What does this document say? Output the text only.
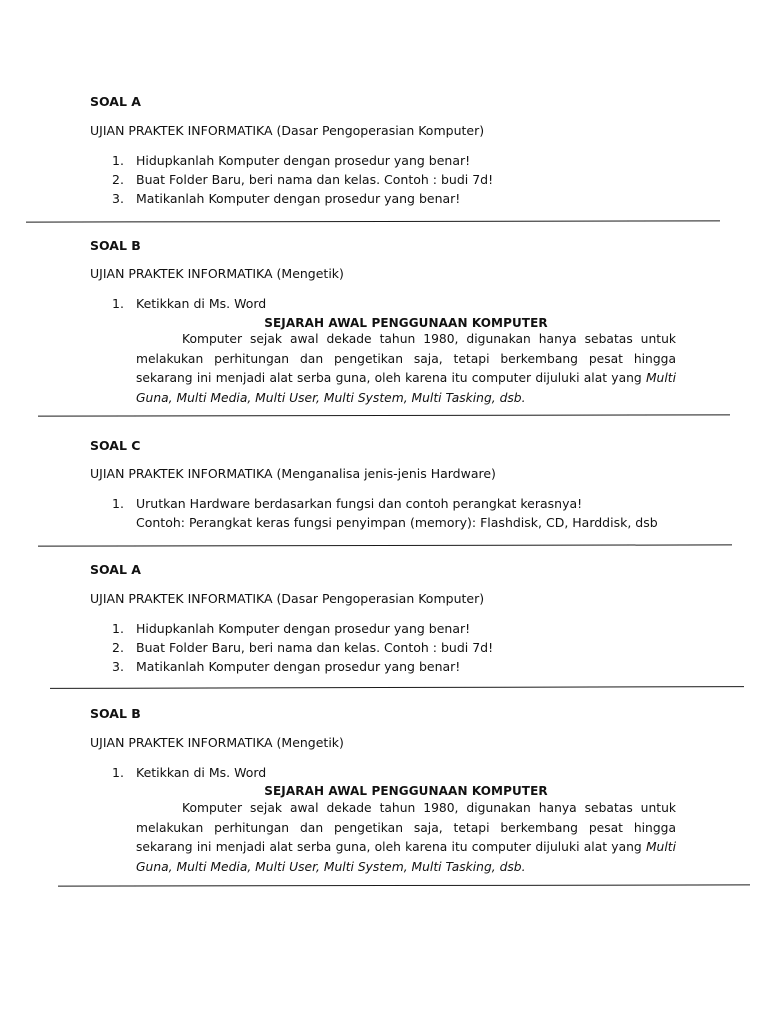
SOAL A
UJIAN PRAKTEK INFORMATIKA (Dasar Pengoperasian Komputer)
1. Hidupkanlah Komputer dengan prosedur yang benar!
2. Buat Folder Baru, beri nama dan kelas. Contoh : budi 7d!
3. Matikanlah Komputer dengan prosedur yang benar!
SOAL B
UJIAN PRAKTEK INFORMATIKA (Mengetik)
1. Ketikkan di Ms. Word
SEJARAH AWAL PENGGUNAAN KOMPUTER

Komputer sejak awal dekade tahun 1980, digunakan hanya sebatas untuk melakukan perhitungan dan pengetikan saja, tetapi berkembang pesat hingga sekarang ini menjadi alat serba guna, oleh karena itu computer dijuluki alat yang Multi Guna, Multi Media, Multi User, Multi System, Multi Tasking, dsb.

SOAL C
UJIAN PRAKTEK INFORMATIKA (Menganalisa jenis-jenis Hardware)
1. Urutkan Hardware berdasarkan fungsi dan contoh perangkat kerasnya!
Contoh: Perangkat keras fungsi penyimpan (memory): Flashdisk, CD, Harddisk, dsb
SOAL A
UJIAN PRAKTEK INFORMATIKA (Dasar Pengoperasian Komputer)
1. Hidupkanlah Komputer dengan prosedur yang benar!
2. Buat Folder Baru, beri nama dan kelas. Contoh : budi 7d!
3. Matikanlah Komputer dengan prosedur yang benar!
SOAL B
UJIAN PRAKTEK INFORMATIKA (Mengetik)
1. Ketikkan di Ms. Word
SEJARAH AWAL PENGGUNAAN KOMPUTER

Komputer sejak awal dekade tahun 1980, digunakan hanya sebatas untuk melakukan perhitungan dan pengetikan saja, tetapi berkembang pesat hingga sekarang ini menjadi alat serba guna, oleh karena itu computer dijuluki alat yang Multi Guna, Multi Media, Multi User, Multi System, Multi Tasking, dsb.
